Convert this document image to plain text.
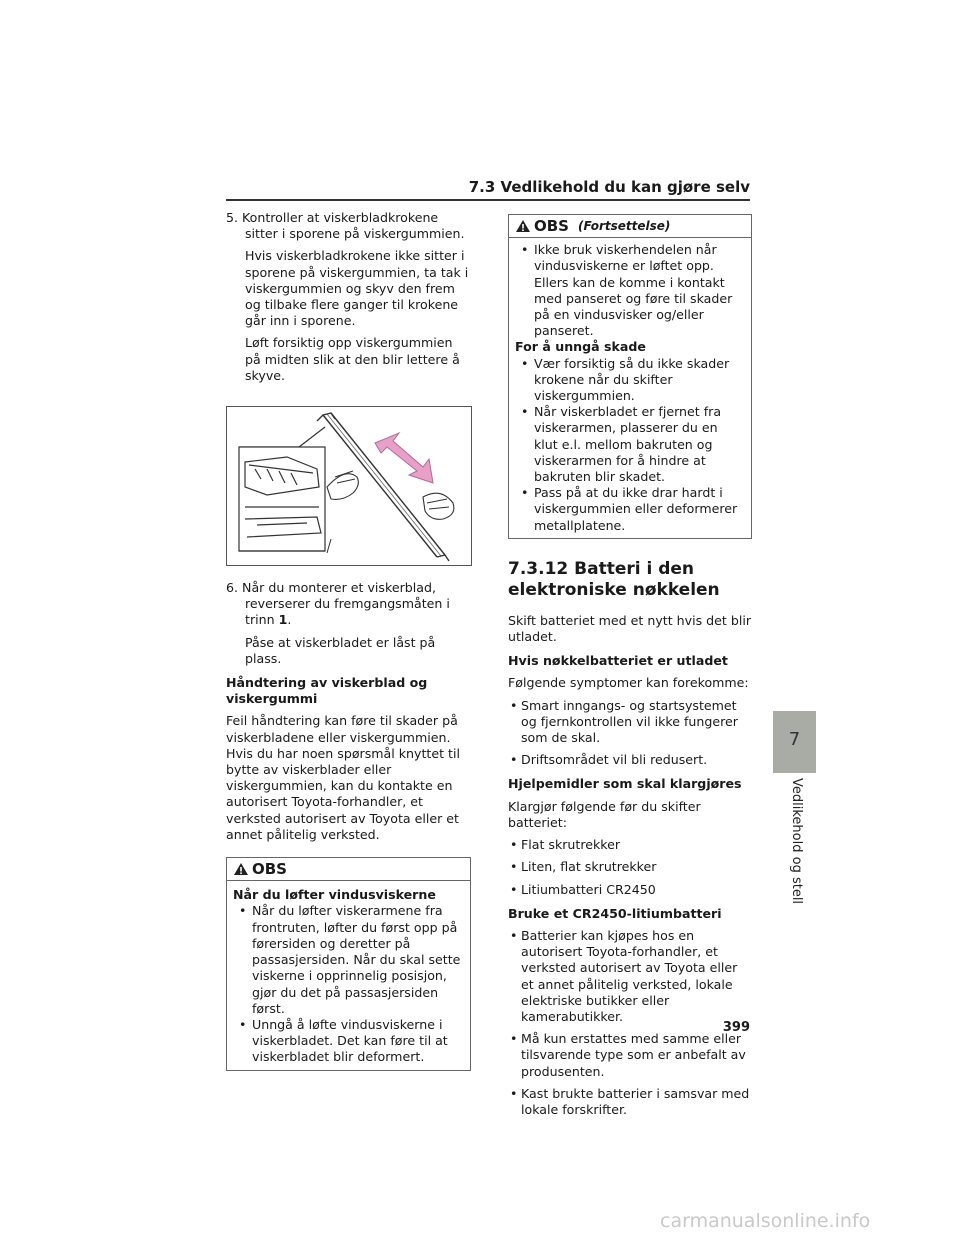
7.3 Vedlikehold du kan gjøre selv

5. Kontroller at viskerbladkrokene sitter i sporene på viskergummien.

Hvis viskerbladkrokene ikke sitter i sporene på viskergummien, ta tak i viskergummien og skyv den frem og tilbake flere ganger til krokene går inn i sporene.

Løft forsiktig opp viskergummien på midten slik at den blir lettere å skyve.

6. Når du monterer et viskerblad, reverserer du fremgangsmåten i trinn 1.

Påse at viskerbladet er låst på plass.

Håndtering av viskerblad og viskergummi

Feil håndtering kan føre til skader på viskerbladene eller viskergummien. Hvis du har noen spørsmål knyttet til bytte av viskerblader eller viskergummien, kan du kontakte en autorisert Toyota-forhandler, et verksted autorisert av Toyota eller et annet pålitelig verksted.

OBS

Når du løfter vindusviskerne

• Når du løfter viskerarmene fra frontruten, løfter du først opp på førersiden og deretter på passasjersiden. Når du skal sette viskerne i opprinnelig posisjon, gjør du det på passasjersiden først.

• Unngå å løfte vindusviskerne i viskerbladet. Det kan føre til at viskerbladet blir deformert.

OBS (Fortsettelse)

• Ikke bruk viskerhendelen når vindusviskerne er løftet opp. Ellers kan de komme i kontakt med panseret og føre til skader på en vindusvisker og/eller panseret.

For å unngå skade

• Vær forsiktig så du ikke skader krokene når du skifter viskergummien.

• Når viskerbladet er fjernet fra viskerarmen, plasserer du en klut e.l. mellom bakruten og viskerarmen for å hindre at bakruten blir skadet.

• Pass på at du ikke drar hardt i viskergummien eller deformerer metallplatene.

7.3.12 Batteri i den elektroniske nøkkelen

Skift batteriet med et nytt hvis det blir utladet.

Hvis nøkkelbatteriet er utladet

Følgende symptomer kan forekomme:

• Smart inngangs- og startsystemet og fjernkontrollen vil ikke fungerer som de skal.

• Driftsområdet vil bli redusert.

Hjelpemidler som skal klargjøres

Klargjør følgende før du skifter batteriet:

• Flat skrutrekker

• Liten, flat skrutrekker

• Litiumbatteri CR2450

Bruke et CR2450-litiumbatteri

• Batterier kan kjøpes hos en autorisert Toyota-forhandler, et verksted autorisert av Toyota eller et annet pålitelig verksted, lokale elektriske butikker eller kamerabutikker.

• Må kun erstattes med samme eller tilsvarende type som er anbefalt av produsenten.

• Kast brukte batterier i samsvar med lokale forskrifter.

7
Vedlikehold og stell
399
carmanualsonline.info
